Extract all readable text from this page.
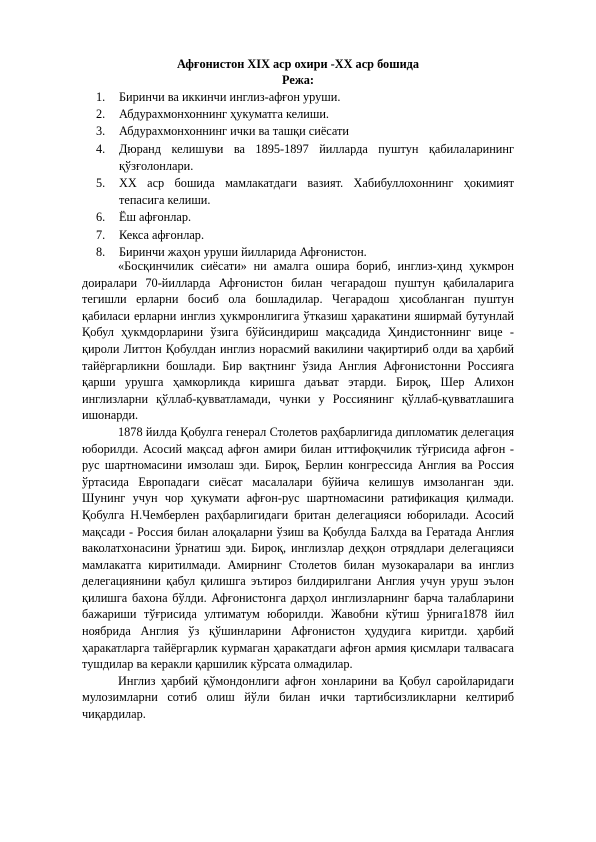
Афғонистон XIX аср охири -XX аср бошида
Режа:
1. Биринчи ва иккинчи инглиз-афғон уруши.
2. Абдурахмонхоннинг ҳукуматга келиши.
3. Абдурахмонхоннинг ички ва ташқи сиёсати
4. Дюранд келишуви ва 1895-1897 йилларда пуштун қабилаларининг қўзғолонлари.
5. XX аср бошида мамлакатдаги вазият. Хабибуллохоннинг ҳокимият тепасига келиши.
6. Ёш афғонлар.
7. Кекса афғонлар.
8. Биринчи жаҳон уруши йилларида Афғонистон.

«Босқинчилик сиёсати» ни амалга ошира бориб, инглиз-ҳинд ҳукмрон доиралари 70-йилларда Афғонистон билан чегарадош пуштун қабилаларига тегишли ерларни босиб ола бошладилар. Чегарадош ҳисобланган пуштун қабиласи ерларни инглиз ҳукмронлигига ўтказиш ҳаракатини яширмай бутунлай Қобул ҳукмдорларини ўзига бўйсиндириш мақсадида Ҳиндистоннинг вице - қироли Литтон Қобулдан инглиз норасмий вакилини чақиртириб олди ва ҳарбий тайёргарликни бошлади. Бир вақтнинг ўзида Англия Афғонистонни Россияга қарши урушга ҳамкорликда киришга даъват этарди. Бироқ, Шер Алихон инглизларни қўллаб-қувватламади, чунки у Россиянинг қўллаб-қувватлашига ишонарди.

1878 йилда Қобулга генерал Столетов раҳбарлигида дипломатик делегация юборилди. Асосий мақсад афғон амири билан иттифоқчилик тўғрисида афғон - рус шартномасини имзолаш эди. Бироқ, Берлин конгрессида Англия ва Россия ўртасида Европадаги сиёсат масалалари бўйича келишув имзоланган эди. Шунинг учун чор ҳукумати афғон-рус шартномасини ратификация қилмади. Қобулга Н.Чемберлен раҳбарлигидаги британ делегацияси юборилади. Асосий мақсади - Россия билан алоқаларни ўзиш ва Қобулда Балхда ва Гератада Англия ваколатхонасини ўрнатиш эди. Бироқ, инглизлар деҳқон отрядлари делегацияси мамлакатга киритилмади. Амирнинг Столетов билан музокаралари ва инглиз делегациянини қабул қилишга эътироз билдирилгани Англия учун уруш эълон қилишга бахона бўлди. Афғонистонга дарҳол инглизларнинг барча талабларини бажариши тўғрисида ултиматум юборилди. Жавобни кўтиш ўрнига1878 йил ноябрида Англия ўз қўшинларини Афғонистон ҳудудига киритди. ҳарбий ҳаракатларга тайёргарлик курмаган ҳаракатдаги афғон армия қисмлари талвасага тушдилар ва керакли қаршилик кўрсата олмадилар.

Инглиз ҳарбий қўмондонлиги афғон хонларини ва Қобул саройларидаги мулозимларни сотиб олиш йўли билан ички тартибсизликларни келтириб чиқардилар.
